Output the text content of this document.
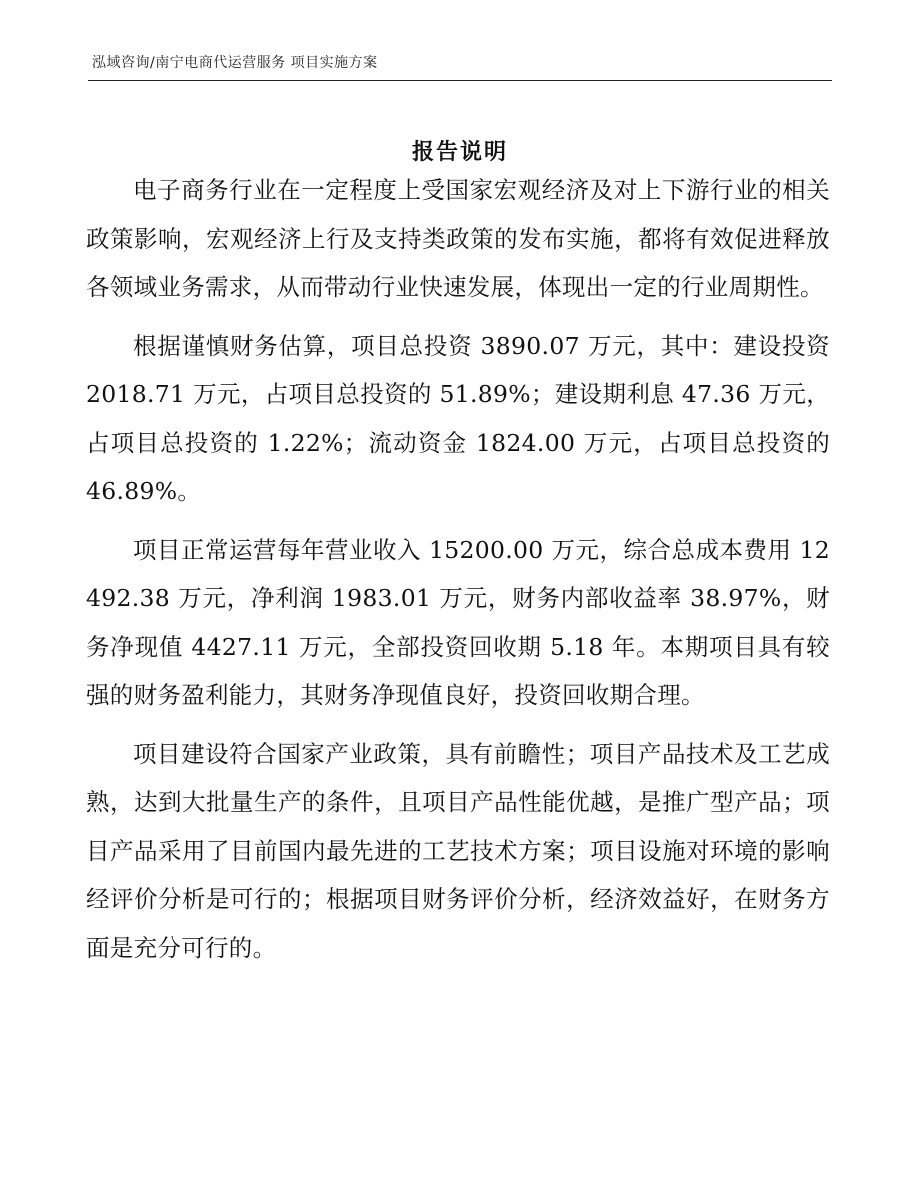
泓域咨询/南宁电商代运营服务 项目实施方案
报告说明

电子商务行业在一定程度上受国家宏观经济及对上下游行业的相关政策影响，宏观经济上行及支持类政策的发布实施，都将有效促进释放各领域业务需求，从而带动行业快速发展，体现出一定的行业周期性。

根据谨慎财务估算，项目总投资 3890.07 万元，其中：建设投资 2018.71 万元，占项目总投资的 51.89%；建设期利息 47.36 万元，占项目总投资的 1.22%；流动资金 1824.00 万元，占项目总投资的 46.89%。

项目正常运营每年营业收入 15200.00 万元，综合总成本费用 12492.38 万元，净利润 1983.01 万元，财务内部收益率 38.97%，财务净现值 4427.11 万元，全部投资回收期 5.18 年。本期项目具有较强的财务盈利能力，其财务净现值良好，投资回收期合理。

项目建设符合国家产业政策，具有前瞻性；项目产品技术及工艺成熟，达到大批量生产的条件，且项目产品性能优越，是推广型产品；项目产品采用了目前国内最先进的工艺技术方案；项目设施对环境的影响经评价分析是可行的；根据项目财务评价分析，经济效益好，在财务方面是充分可行的。
